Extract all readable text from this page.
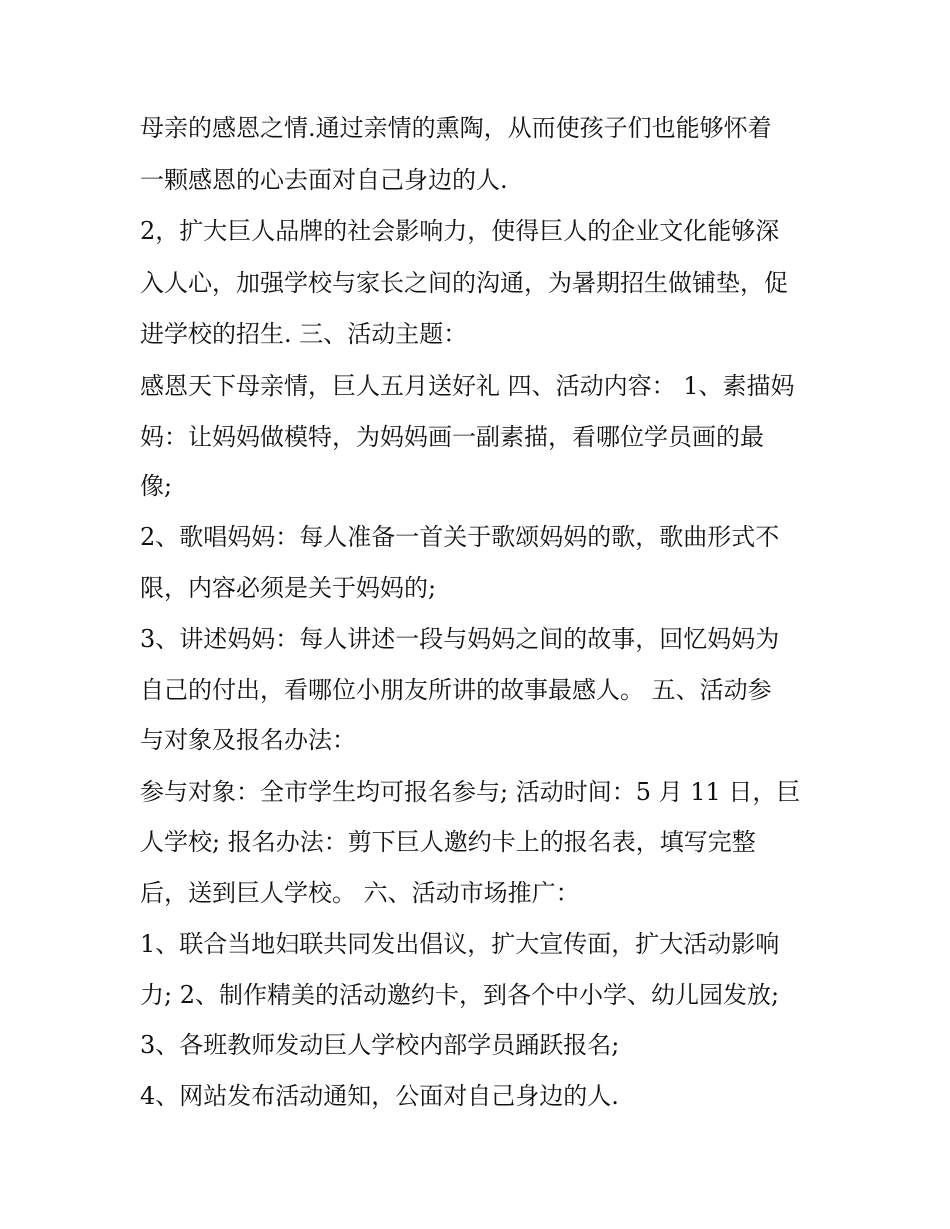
母亲的感恩之情.通过亲情的熏陶，从而使孩子们也能够怀着
一颗感恩的心去面对自己身边的人.
2，扩大巨人品牌的社会影响力，使得巨人的企业文化能够深
入人心，加强学校与家长之间的沟通，为暑期招生做铺垫，促
进学校的招生. 三、活动主题：
感恩天下母亲情，巨人五月送好礼 四、活动内容： 1、素描妈
妈：让妈妈做模特，为妈妈画一副素描，看哪位学员画的最
像;
2、歌唱妈妈：每人准备一首关于歌颂妈妈的歌，歌曲形式不
限，内容必须是关于妈妈的;
3、讲述妈妈：每人讲述一段与妈妈之间的故事，回忆妈妈为
自己的付出，看哪位小朋友所讲的故事最感人。 五、活动参
与对象及报名办法：
参与对象：全市学生均可报名参与; 活动时间：5 月 11 日，巨
人学校; 报名办法：剪下巨人邀约卡上的报名表，填写完整
后，送到巨人学校。 六、活动市场推广：
1、联合当地妇联共同发出倡议，扩大宣传面，扩大活动影响
力; 2、制作精美的活动邀约卡，到各个中小学、幼儿园发放;
3、各班教师发动巨人学校内部学员踊跃报名;
4、网站发布活动通知，公面对自己身边的人.
